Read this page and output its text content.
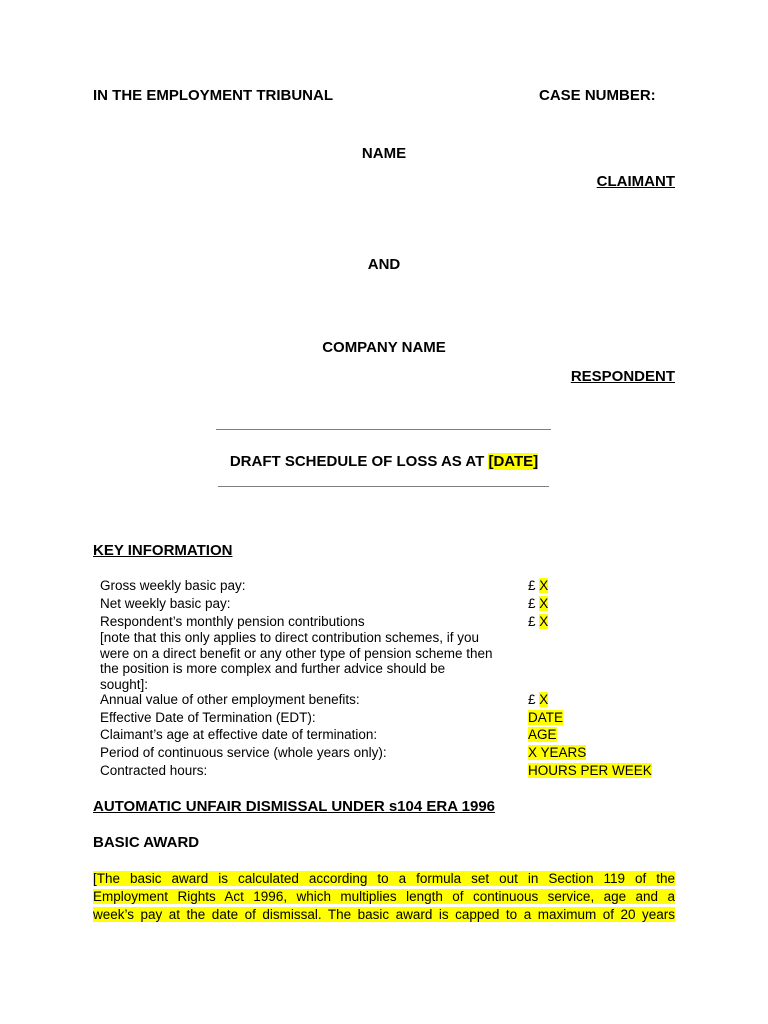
IN THE EMPLOYMENT TRIBUNAL	CASE NUMBER:
NAME
CLAIMANT
AND
COMPANY NAME
RESPONDENT
DRAFT SCHEDULE OF LOSS AS AT [DATE]
KEY INFORMATION
Gross weekly basic pay:	£ X
Net weekly basic pay:	£ X
Respondent’s monthly pension contributions	£ X
[note that this only applies to direct contribution schemes, if you
were on a direct benefit or any other type of pension scheme then
the position is more complex and further advice should be
sought]:
Annual value of other employment benefits:	£ X
Effective Date of Termination (EDT):	DATE
Claimant’s age at effective date of termination:	AGE
Period of continuous service (whole years only):	X YEARS
Contracted hours:	HOURS PER WEEK
AUTOMATIC UNFAIR DISMISSAL UNDER s104 ERA 1996
BASIC AWARD
[The basic award is calculated according to a formula set out in Section 119 of the
Employment Rights Act 1996, which multiplies length of continuous service, age and a
week’s pay at the date of dismissal. The basic award is capped to a maximum of 20 years
